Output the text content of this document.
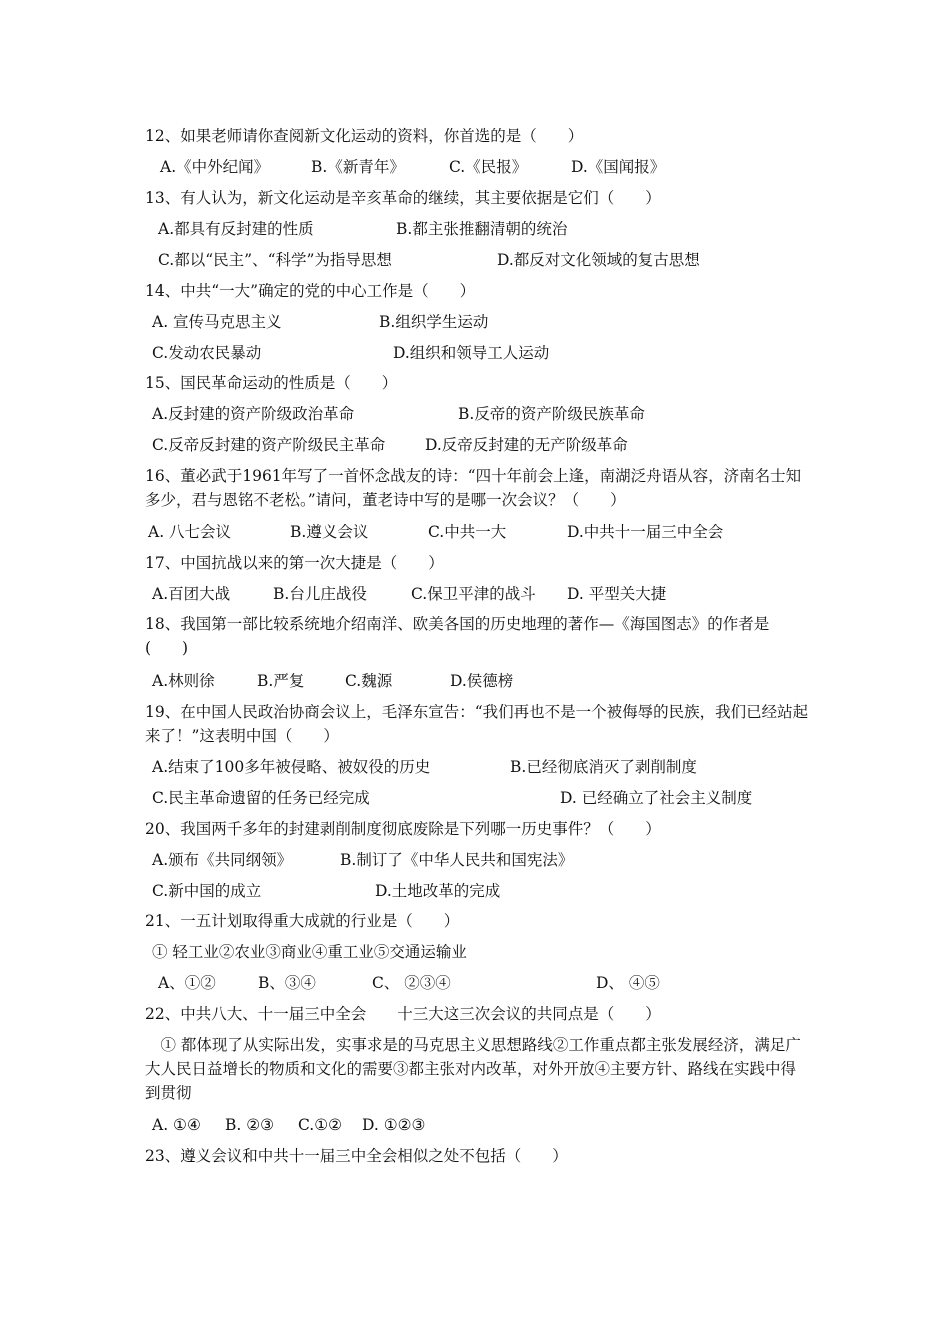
12、如果老师请你查阅新文化运动的资料，你首选的是（　　）
A.《中外纪闻》	B.《新青年》	C.《民报》	D.《国闻报》
13、有人认为，新文化运动是辛亥革命的继续，其主要依据是它们（　　）
A.都具有反封建的性质	B.都主张推翻清朝的统治
C.都以“民主”、“科学”为指导思想	D.都反对文化领域的复古思想
14、中共“一大”确定的党的中心工作是（　　）
A. 宣传马克思主义	B.组织学生运动
C.发动农民暴动	D.组织和领导工人运动
15、国民革命运动的性质是（　　）
A.反封建的资产阶级政治革命	B.反帝的资产阶级民族革命
C.反帝反封建的资产阶级民主革命	D.反帝反封建的无产阶级革命
16、董必武于1961年写了一首怀念战友的诗：“四十年前会上逢，南湖泛舟语从容，济南名士知多少，君与恩铭不老松。”请问，董老诗中写的是哪一次会议？（　　）
A. 八七会议	B.遵义会议	C.中共一大	D.中共十一届三中全会
17、中国抗战以来的第一次大捷是（　　）
A.百团大战	B.台儿庄战役	C.保卫平津的战斗 D. 平型关大捷
18、我国第一部比较系统地介绍南洋、欧美各国的历史地理的著作—《海国图志》的作者是(　　)
A.林则徐	B.严复	C.魏源	D.侯德榜
19、在中国人民政治协商会议上，毛泽东宣告：“我们再也不是一个被侮辱的民族，我们已经站起来了！”这表明中国（　　）
A.结束了100多年被侵略、被奴役的历史	B.已经彻底消灭了剥削制度
C.民主革命遗留的任务已经完成	D. 已经确立了社会主义制度
20、我国两千多年的封建剥削制度彻底废除是下列哪一历史事件？（　　）
A.颁布《共同纲领》	B.制订了《中华人民共和国宪法》
C.新中国的成立	D.土地改革的完成
21、一五计划取得重大成就的行业是（　　）
① 轻工业②农业③商业④重工业⑤交通运输业
A、①②	B、③④	C、 ②③④	D、 ④⑤
22、中共八大、十一届三中全会　　十三大这三次会议的共同点是（　　）
　① 都体现了从实际出发，实事求是的马克思主义思想路线②工作重点都主张发展经济，满足广大人民日益增长的物质和文化的需要③都主张对内改革，对外开放④主要方针、路线在实践中得到贯彻
A. ①④ B. ②③ C.①② D. ①②③
23、遵义会议和中共十一届三中全会相似之处不包括（　　）
